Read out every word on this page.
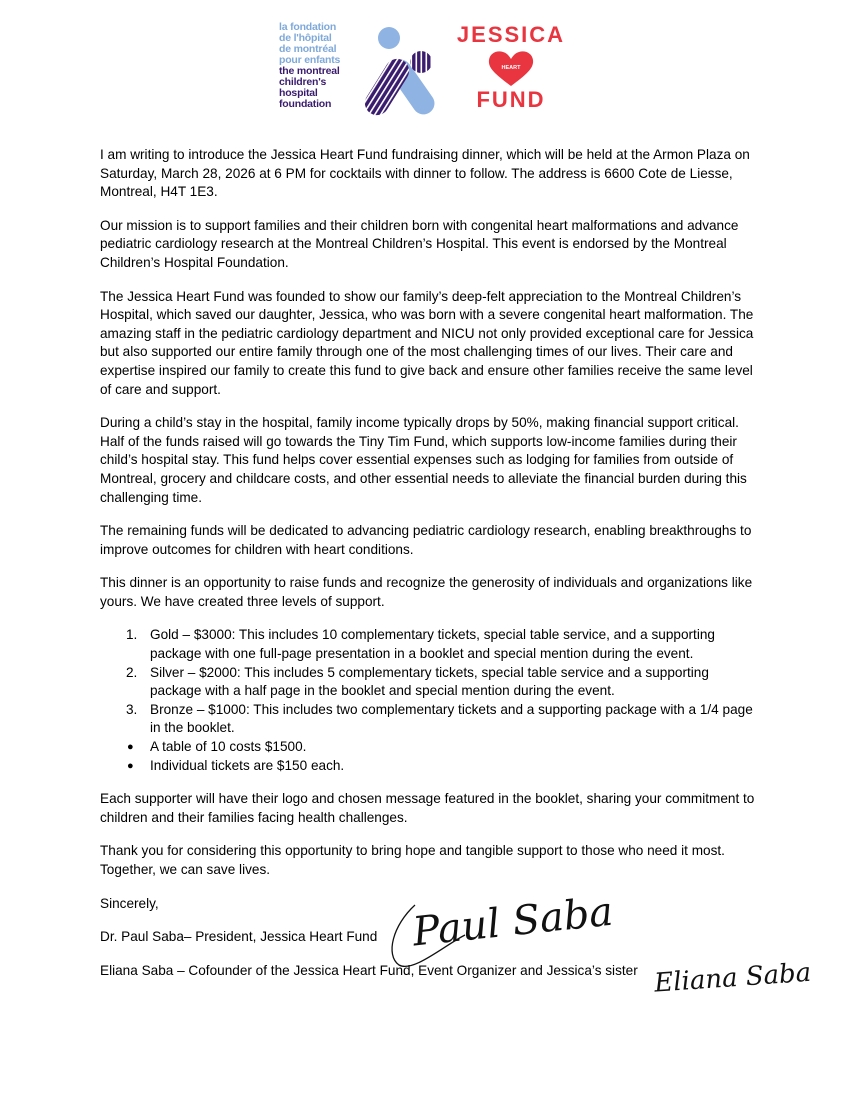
la fondation
de l'hôpital
de montréal
pour enfants
the montreal
children's
hospital
foundation
JESSICA
HEART
FUND

I am writing to introduce the Jessica Heart Fund fundraising dinner, which will be held at the Armon Plaza on Saturday, March 28, 2026 at 6 PM for cocktails with dinner to follow. The address is 6600 Cote de Liesse, Montreal, H4T 1E3.

Our mission is to support families and their children born with congenital heart malformations and advance pediatric cardiology research at the Montreal Children’s Hospital. This event is endorsed by the Montreal Children’s Hospital Foundation.

The Jessica Heart Fund was founded to show our family’s deep-felt appreciation to the Montreal Children’s Hospital, which saved our daughter, Jessica, who was born with a severe congenital heart malformation. The amazing staff in the pediatric cardiology department and NICU not only provided exceptional care for Jessica but also supported our entire family through one of the most challenging times of our lives. Their care and expertise inspired our family to create this fund to give back and ensure other families receive the same level of care and support.

During a child’s stay in the hospital, family income typically drops by 50%, making financial support critical. Half of the funds raised will go towards the Tiny Tim Fund, which supports low-income families during their child’s hospital stay. This fund helps cover essential expenses such as lodging for families from outside of Montreal, grocery and childcare costs, and other essential needs to alleviate the financial burden during this challenging time.

The remaining funds will be dedicated to advancing pediatric cardiology research, enabling breakthroughs to improve outcomes for children with heart conditions.

This dinner is an opportunity to raise funds and recognize the generosity of individuals and organizations like yours. We have created three levels of support.

1. Gold – $3000: This includes 10 complementary tickets, special table service, and a supporting package with one full-page presentation in a booklet and special mention during the event.
2. Silver – $2000: This includes 5 complementary tickets, special table service and a supporting package with a half page in the booklet and special mention during the event.
3. Bronze – $1000: This includes two complementary tickets and a supporting package with a 1/4 page in the booklet.
● A table of 10 costs $1500.
● Individual tickets are $150 each.

Each supporter will have their logo and chosen message featured in the booklet, sharing your commitment to children and their families facing health challenges.

Thank you for considering this opportunity to bring hope and tangible support to those who need it most. Together, we can save lives.

Sincerely,

Dr. Paul Saba– President, Jessica Heart Fund

Eliana Saba – Cofounder of the Jessica Heart Fund, Event Organizer and Jessica’s sister

Paul Saba
Eliana Saba
